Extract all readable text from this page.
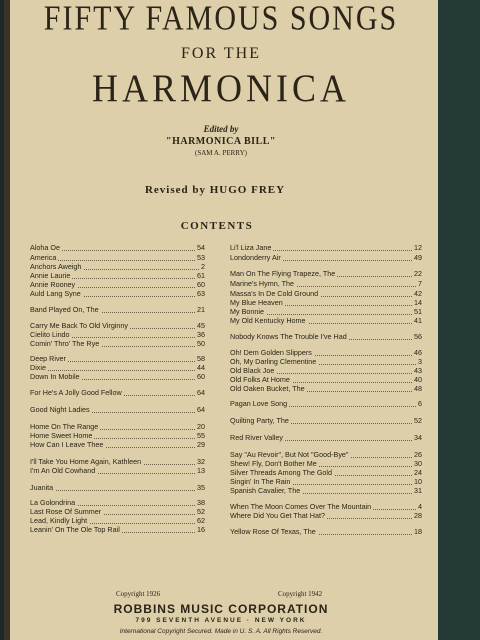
FIFTY FAMOUS SONGS
FOR THE
HARMONICA
Edited by
"HARMONICA BILL"
(SAM A. PERRY)
Revised by HUGO FREY
CONTENTS
Aloha Oe	54
America	53
Anchors Aweigh	2
Annie Laurie	61
Annie Rooney	60
Auld Lang Syne	63
Band Played On, The	21
Carry Me Back To Old Virginny	45
Cielito Lindo	36
Comin' Thro' The Rye	50
Deep River	58
Dixie	44
Down In Mobile	60
For He's A Jolly Good Fellow	64
Good Night Ladies	64
Home On The Range	20
Home Sweet Home	55
How Can I Leave Thee	29
I'll Take You Home Again, Kathleen	32
I'm An Old Cowhand	13
Juanita	35
La Golondrina	38
Last Rose Of Summer	52
Lead, Kindly Light	62
Leanin' On The Ole Top Rail	16
Li'l Liza Jane	12
Londonderry Air	49
Man On The Flying Trapeze, The	22
Marine's Hymn, The	7
Massa's In De Cold Ground	42
My Blue Heaven	14
My Bonnie	51
My Old Kentucky Home	41
Nobody Knows The Trouble I've Had	56
Oh! Dem Golden Slippers	46
Oh, My Darling Clementine	3
Old Black Joe	43
Old Folks At Home	40
Old Oaken Bucket, The	48
Pagan Love Song	6
Quilting Party, The	52
Red River Valley	34
Say "Au Revoir", But Not "Good-Bye"	26
Shew! Fly, Don't Bother Me	30
Silver Threads Among The Gold	24
Singin' In The Rain	10
Spanish Cavalier, The	31
When The Moon Comes Over The Mountain	4
Where Did You Get That Hat?	28
Yellow Rose Of Texas, The	18
Copyright 1926	Copyright 1942
ROBBINS MUSIC CORPORATION
799 SEVENTH AVENUE · NEW YORK
International Copyright Secured. Made in U. S. A. All Rights Reserved.
